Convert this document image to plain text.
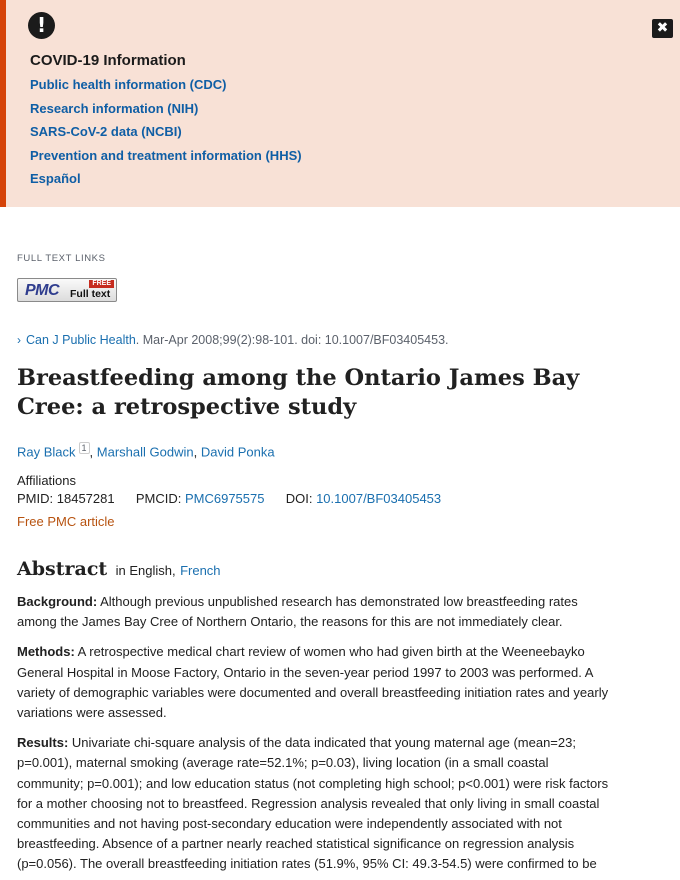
!	✖
COVID-19 Information
Public health information (CDC)
Research information (NIH)
SARS-CoV-2 data (NCBI)
Prevention and treatment information (HHS)
Español
FULL TEXT LINKS
PMC	FREE
Full text
› Can J Public Health. Mar-Apr 2008;99(2):98-101. doi: 10.1007/BF03405453.
Breastfeeding among the Ontario James Bay Cree: a retrospective study
Ray Black $^1$ , Marshall Godwin, David Ponka
Affiliations
PMID: 18457281 PMCID: PMC6975575 DOI: 10.1007/BF03405453
Free PMC article
Abstract in English, French

Background: Although previous unpublished research has demonstrated low breastfeeding rates among the James Bay Cree of Northern Ontario, the reasons for this are not immediately clear.

Methods: A retrospective medical chart review of women who had given birth at the Weeneebayko General Hospital in Moose Factory, Ontario in the seven-year period 1997 to 2003 was performed. A variety of demographic variables were documented and overall breastfeeding initiation rates and yearly variations were assessed.

Results: Univariate chi-square analysis of the data indicated that young maternal age (mean=23; p=0.001), maternal smoking (average rate=52.1%; p=0.03), living location (in a small coastal community; p=0.001); and low education status (not completing high school; p<0.001) were risk factors for a mother choosing not to breastfeed. Regression analysis revealed that only living in small coastal communities and not having post-secondary education were independently associated with not breastfeeding. Absence of a partner nearly reached statistical significance on regression analysis (p=0.056). The overall breastfeeding initiation rates (51.9%, 95% CI: 49.3-54.5) were confirmed to be
